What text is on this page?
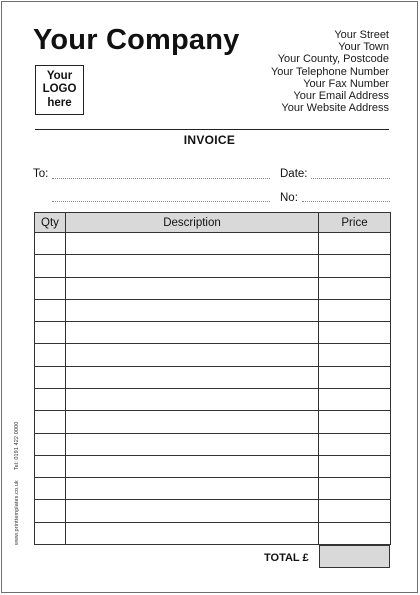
Your Company
Your
LOGO
here
Your Street
Your Town
Your County, Postcode
Your Telephone Number
Your Fax Number
Your Email Address
Your Website Address
INVOICE
To:	Date:
No:
Qty	Description	Price

TOTAL £
www.printtemplates.co.ukTel: 0191 422 0000
